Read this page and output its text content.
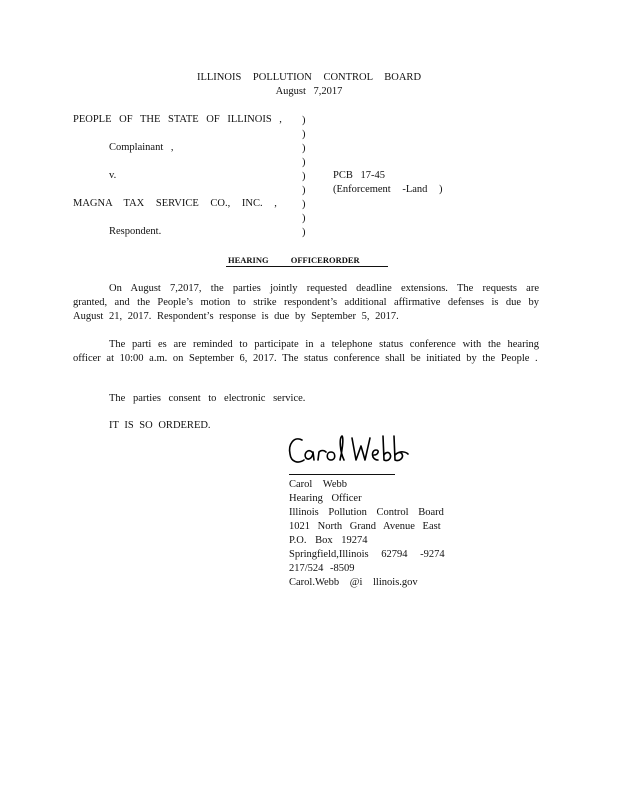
ILLINOIS POLLUTION CONTROL BOARD
August 7,2017
PEOPLE OF THE STATE OF ILLINOIS ,
Complainant ,
v.
MAGNA TAX SERVICE CO., INC. ,
Respondent.
)
)
)
)
)
)
)
)
)
PCB 17-45
(Enforcement -Land )
HEARING OFFICERORDER
On August 7,2017, the parties jointly requested deadline extensions. The requests are granted, and the People’s motion to strike respondent’s additional affirmative defenses is due by August 21, 2017. Respondent’s response is due by September 5, 2017.
The parti es are reminded to participate in a telephone status conference with the hearing officer at 10:00 a.m. on September 6, 2017. The status conference shall be initiated by the People .
The parties consent to electronic service.
IT IS SO ORDERED.
Carol Webb
Hearing Officer
Illinois Pollution Control Board
1021 North Grand Avenue East
P.O. Box 19274
Springfield,Illinois 62794 -9274
217/524 -8509
Carol.Webb @i llinois.gov
